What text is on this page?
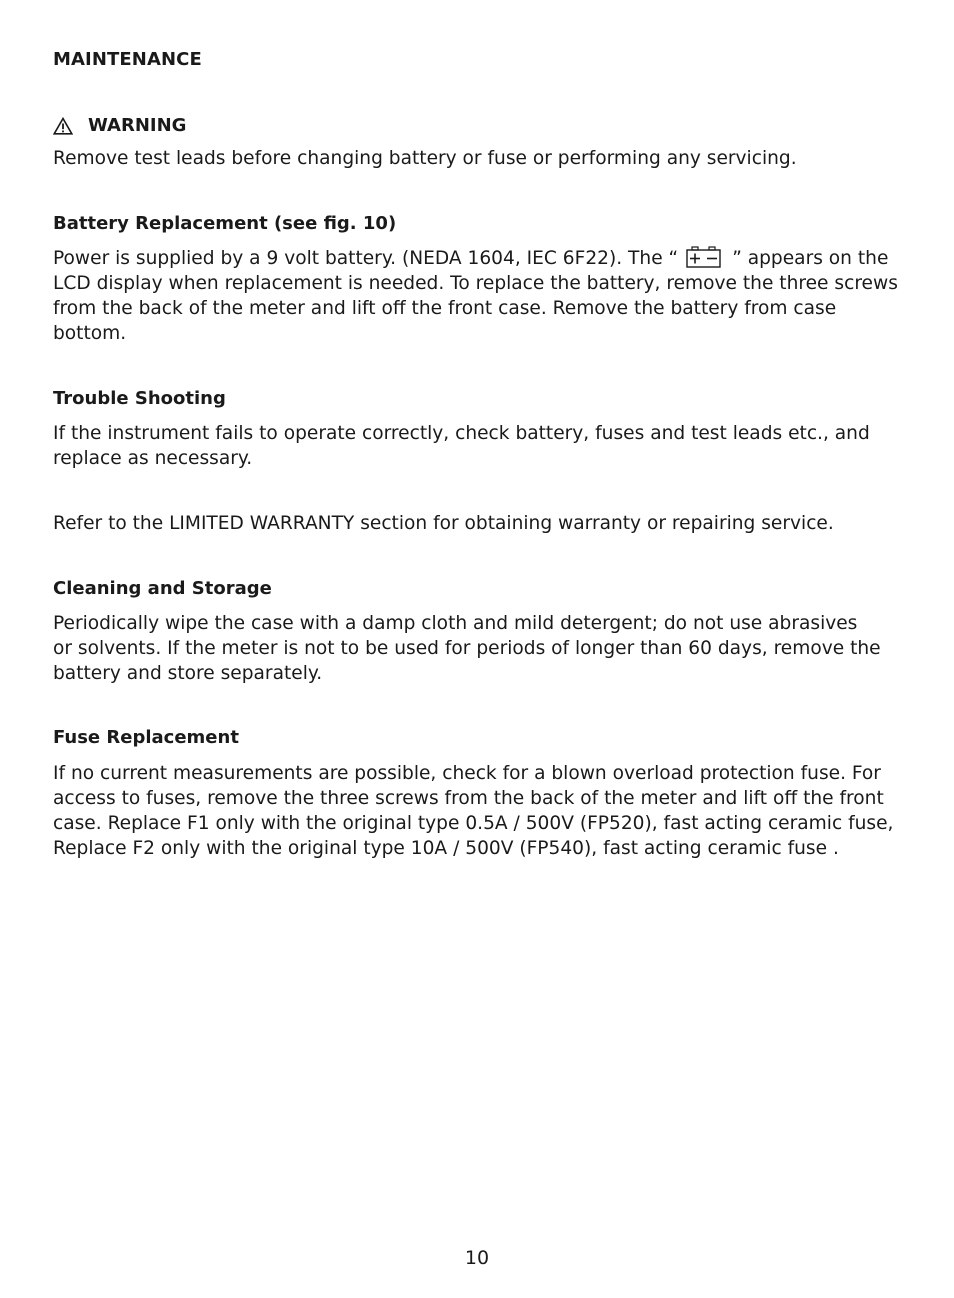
MAINTENANCE
WARNING
Remove test leads before changing battery or fuse or performing any servicing.
Battery Replacement (see fig. 10)
Power is supplied by a 9 volt battery. (NEDA 1604, IEC 6F22). The “	” appears on the
LCD display when replacement is needed. To replace the battery, remove the three screws
from the back of the meter and lift off the front case. Remove the battery from case
bottom.
Trouble Shooting
If the instrument fails to operate correctly, check battery, fuses and test leads etc., and
replace as necessary.
Refer to the LIMITED WARRANTY section for obtaining warranty or repairing service.
Cleaning and Storage
Periodically wipe the case with a damp cloth and mild detergent; do not use abrasives
or solvents. If the meter is not to be used for periods of longer than 60 days, remove the
battery and store separately.
Fuse Replacement
If no current measurements are possible, check for a blown overload protection fuse. For
access to fuses, remove the three screws from the back of the meter and lift off the front
case. Replace F1 only with the original type 0.5A / 500V (FP520), fast acting ceramic fuse,
Replace F2 only with the original type 10A / 500V (FP540), fast acting ceramic fuse .
10
